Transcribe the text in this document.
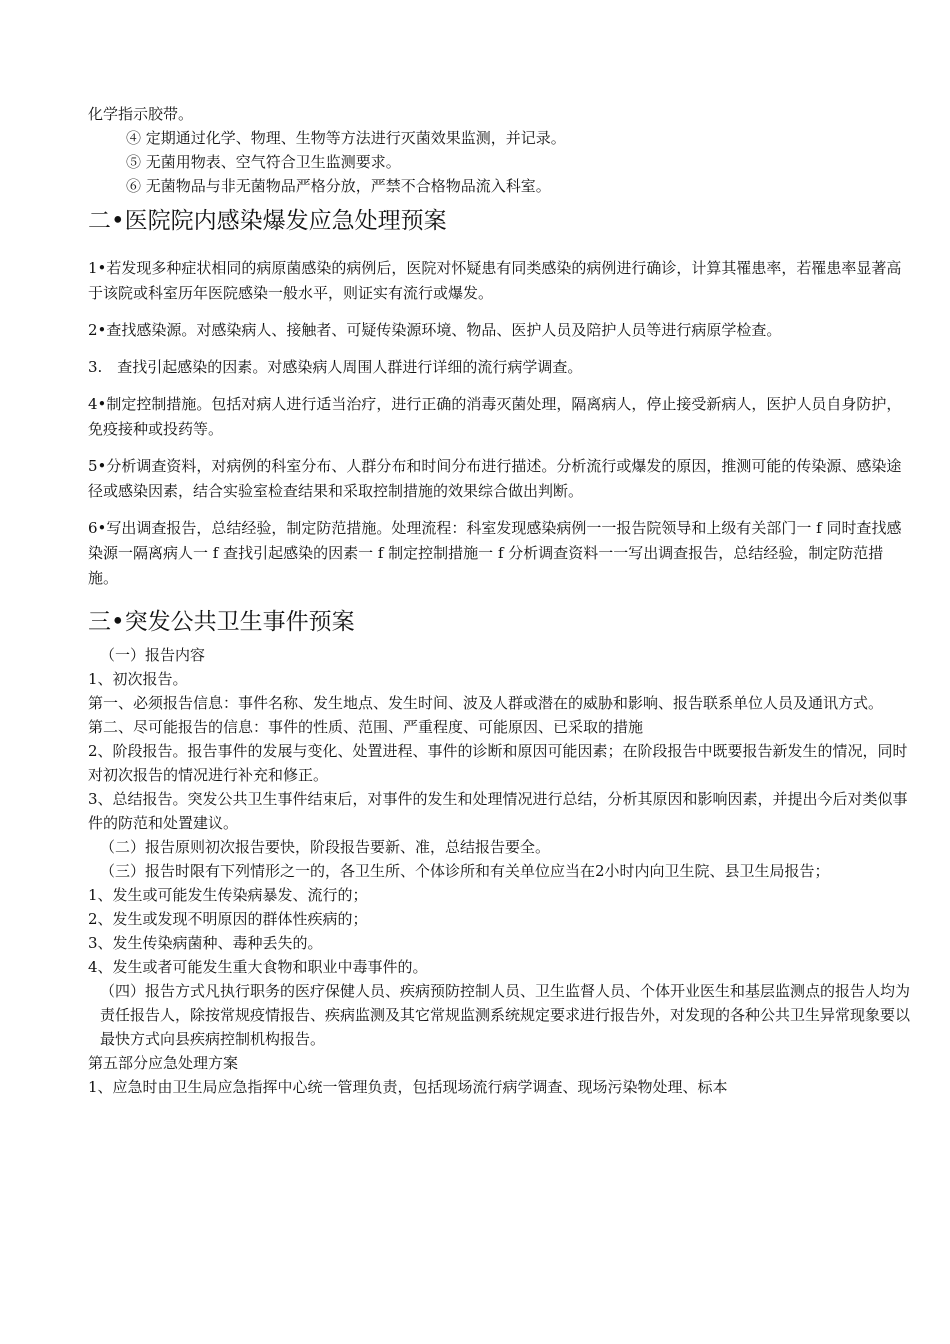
化学指示胶带。

④ 定期通过化学、物理、生物等方法进行灭菌效果监测，并记录。

⑤ 无菌用物表、空气符合卫生监测要求。

⑥ 无菌物品与非无菌物品严格分放，严禁不合格物品流入科室。

二•医院院内感染爆发应急处理预案

1•若发现多种症状相同的病原菌感染的病例后，医院对怀疑患有同类感染的病例进行确诊，计算其罹患率，若罹患率显著高于该院或科室历年医院感染一般水平，则证实有流行或爆发。

2•查找感染源。对感染病人、接触者、可疑传染源环境、物品、医护人员及陪护人员等进行病原学检查。

3.　查找引起感染的因素。对感染病人周围人群进行详细的流行病学调查。

4•制定控制措施。包括对病人进行适当治疗，进行正确的消毒灭菌处理，隔离病人，停止接受新病人，医护人员自身防护，免疫接种或投药等。

5•分析调查资料，对病例的科室分布、人群分布和时间分布进行描述。分析流行或爆发的原因，推测可能的传染源、感染途径或感染因素，结合实验室检查结果和采取控制措施的效果综合做出判断。

6•写出调查报告，总结经验，制定防范措施。处理流程：科室发现感染病例一一报告院领导和上级有关部门一 f 同时查找感染源一隔离病人一 f 查找引起感染的因素一 f 制定控制措施一 f 分析调查资料一一写出调查报告，总结经验，制定防范措施。

三•突发公共卫生事件预案

（一）报告内容

1、初次报告。

第一、必须报告信息：事件名称、发生地点、发生时间、波及人群或潜在的威胁和影响、报告联系单位人员及通讯方式。

第二、尽可能报告的信息：事件的性质、范围、严重程度、可能原因、已采取的措施

2、阶段报告。报告事件的发展与变化、处置进程、事件的诊断和原因可能因素；在阶段报告中既要报告新发生的情况，同时对初次报告的情况进行补充和修正。

3、总结报告。突发公共卫生事件结束后，对事件的发生和处理情况进行总结，分析其原因和影响因素，并提出今后对类似事件的防范和处置建议。

（二）报告原则初次报告要快，阶段报告要新、准，总结报告要全。

（三）报告时限有下列情形之一的，各卫生所、个体诊所和有关单位应当在2小时内向卫生院、县卫生局报告；

1、发生或可能发生传染病暴发、流行的；

2、发生或发现不明原因的群体性疾病的；

3、发生传染病菌种、毒种丢失的。

4、发生或者可能发生重大食物和职业中毒事件的。

（四）报告方式凡执行职务的医疗保健人员、疾病预防控制人员、卫生监督人员、个体开业医生和基层监测点的报告人均为责任报告人，除按常规疫情报告、疾病监测及其它常规监测系统规定要求进行报告外，对发现的各种公共卫生异常现象要以最快方式向县疾病控制机构报告。

第五部分应急处理方案

1、应急时由卫生局应急指挥中心统一管理负责，包括现场流行病学调查、现场污染物处理、标本
